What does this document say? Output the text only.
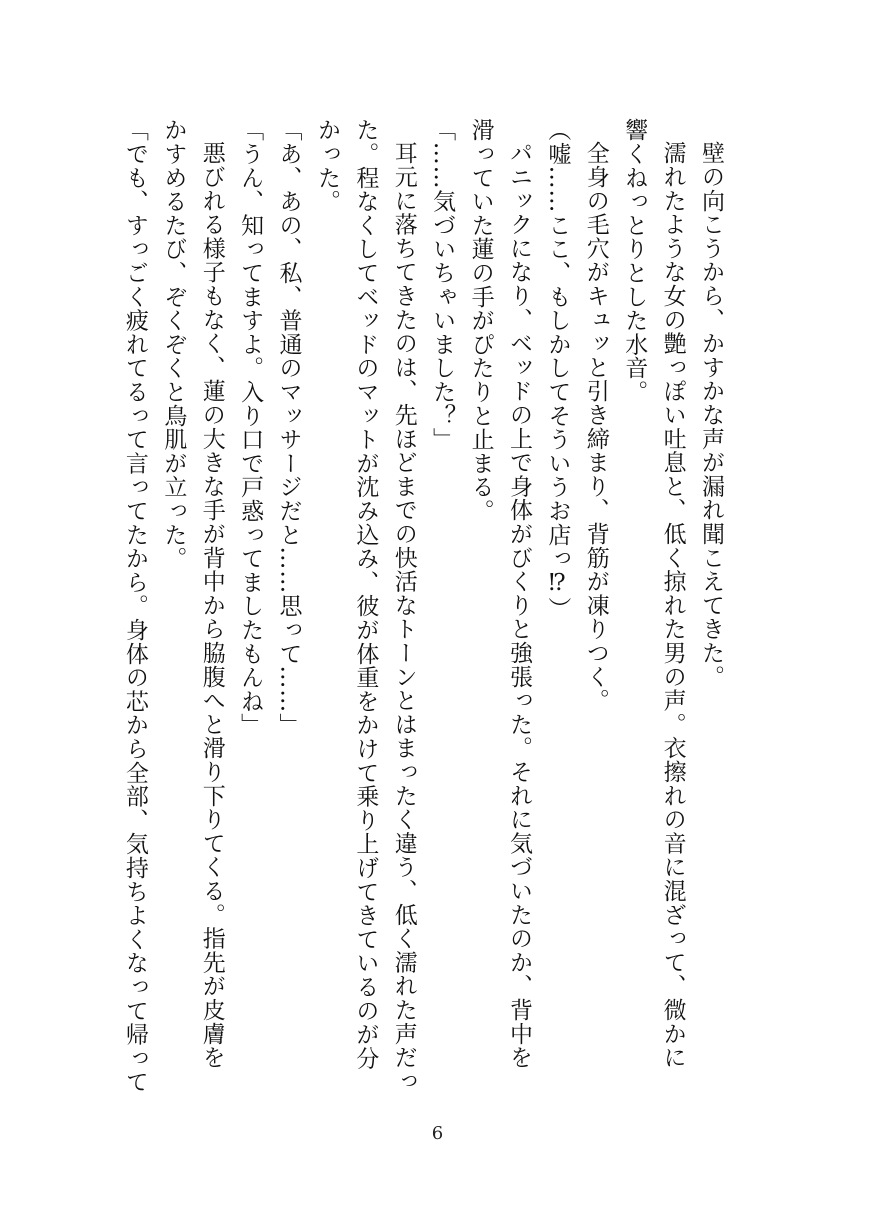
壁の向こうから、かすかな声が漏れ聞こえてきた。
濡れたような女の艶っぽい吐息と、低く掠れた男の声。衣擦れの音に混ざって、微かに
響くねっとりとした水音。
全身の毛穴がキュッと引き締まり、背筋が凍りつく。
（嘘……ここ、もしかしてそういうお店っ⁉）
パニックになり、ベッドの上で身体がびくりと強張った。それに気づいたのか、背中を
滑っていた蓮の手がぴたりと止まる。
「……気づいちゃいました？」
耳元に落ちてきたのは、先ほどまでの快活なトーンとはまったく違う、低く濡れた声だっ
た。程なくしてベッドのマットが沈み込み、彼が体重をかけて乗り上げてきているのが分
かった。
「あ、あの、私、普通のマッサージだと……思って……」
「うん、知ってますよ。入り口で戸惑ってましたもんね」
悪びれる様子もなく、蓮の大きな手が背中から脇腹へと滑り下りてくる。指先が皮膚を
かすめるたび、ぞくぞくと鳥肌が立った。
「でも、すっごく疲れてるって言ってたから。身体の芯から全部、気持ちよくなって帰って
6
